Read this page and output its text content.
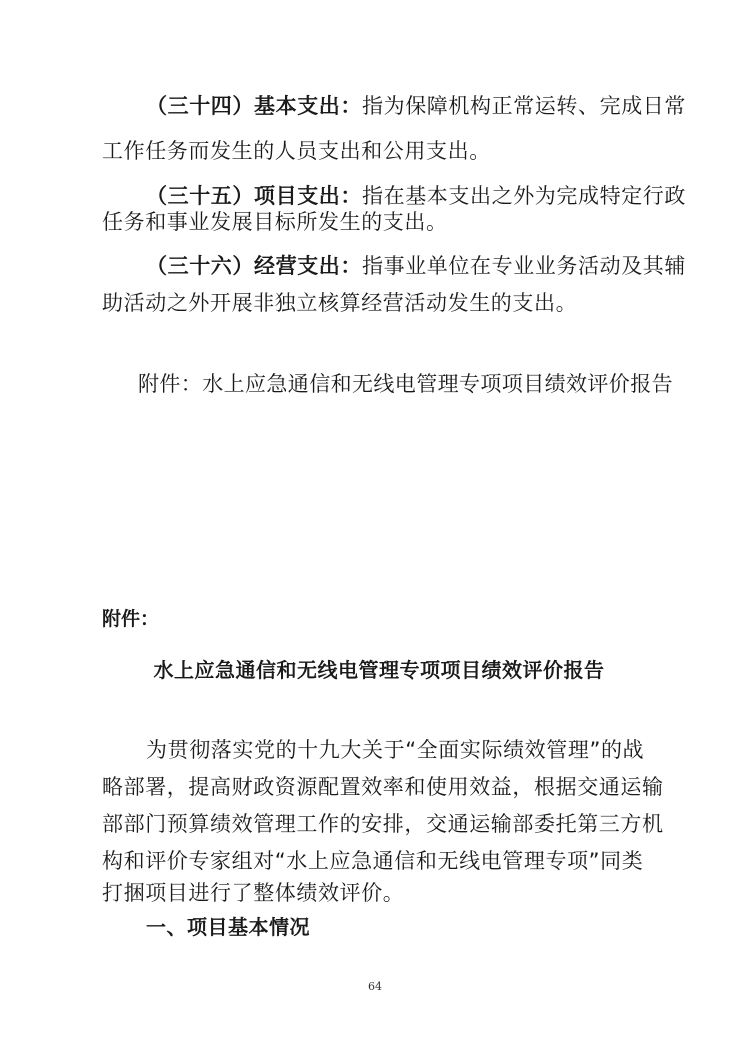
（三十四）基本支出：指为保障机构正常运转、完成日常
工作任务而发生的人员支出和公用支出。
（三十五）项目支出：指在基本支出之外为完成特定行政
任务和事业发展目标所发生的支出。
（三十六）经营支出：指事业单位在专业业务活动及其辅
助活动之外开展非独立核算经营活动发生的支出。
附件：水上应急通信和无线电管理专项项目绩效评价报告
附件：
水上应急通信和无线电管理专项项目绩效评价报告
为贯彻落实党的十九大关于“全面实际绩效管理”的战
略部署，提高财政资源配置效率和使用效益，根据交通运输
部部门预算绩效管理工作的安排，交通运输部委托第三方机
构和评价专家组对“水上应急通信和无线电管理专项”同类
打捆项目进行了整体绩效评价。
一、项目基本情况
64
